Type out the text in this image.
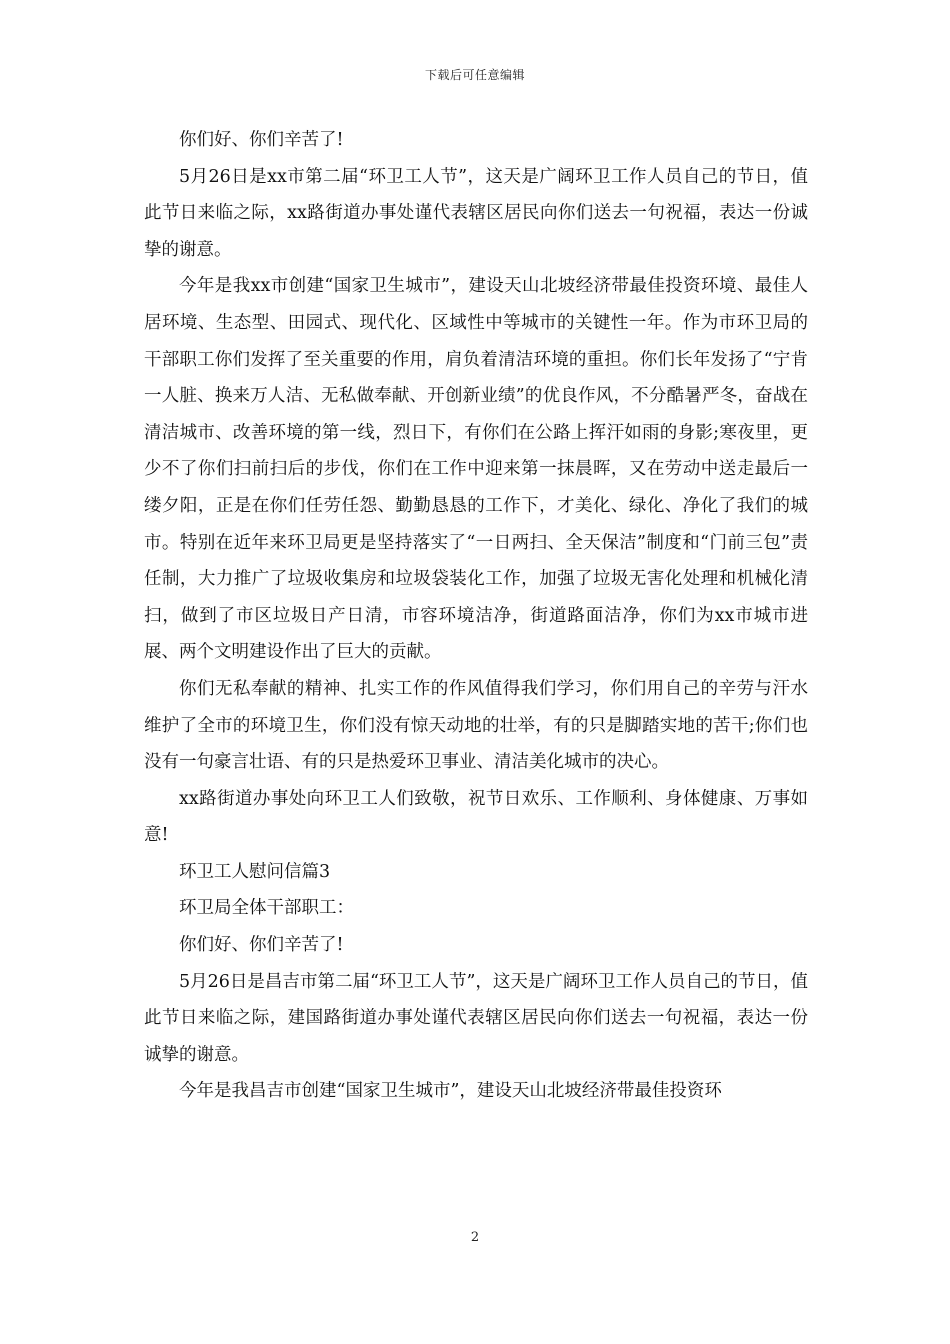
下载后可任意编辑

你们好、你们辛苦了!

5月26日是xx市第二届“环卫工人节”，这天是广阔环卫工作人员自己的节日，值此节日来临之际，xx路街道办事处谨代表辖区居民向你们送去一句祝福，表达一份诚挚的谢意。

今年是我xx市创建“国家卫生城市”，建设天山北坡经济带最佳投资环境、最佳人居环境、生态型、田园式、现代化、区域性中等城市的关键性一年。作为市环卫局的干部职工你们发挥了至关重要的作用，肩负着清洁环境的重担。你们长年发扬了“宁肯一人脏、换来万人洁、无私做奉献、开创新业绩”的优良作风，不分酷暑严冬，奋战在清洁城市、改善环境的第一线，烈日下，有你们在公路上挥汗如雨的身影;寒夜里，更少不了你们扫前扫后的步伐，你们在工作中迎来第一抹晨晖，又在劳动中送走最后一缕夕阳，正是在你们任劳任怨、勤勤恳恳的工作下，才美化、绿化、净化了我们的城市。特别在近年来环卫局更是坚持落实了“一日两扫、全天保洁”制度和“门前三包”责任制，大力推广了垃圾收集房和垃圾袋装化工作，加强了垃圾无害化处理和机械化清扫，做到了市区垃圾日产日清，市容环境洁净，街道路面洁净，你们为xx市城市进展、两个文明建设作出了巨大的贡献。

你们无私奉献的精神、扎实工作的作风值得我们学习，你们用自己的辛劳与汗水维护了全市的环境卫生，你们没有惊天动地的壮举，有的只是脚踏实地的苦干;你们也没有一句豪言壮语、有的只是热爱环卫事业、清洁美化城市的决心。

xx路街道办事处向环卫工人们致敬，祝节日欢乐、工作顺利、身体健康、万事如意!

环卫工人慰问信篇3

环卫局全体干部职工：

你们好、你们辛苦了!

5月26日是昌吉市第二届“环卫工人节”，这天是广阔环卫工作人员自己的节日，值此节日来临之际，建国路街道办事处谨代表辖区居民向你们送去一句祝福，表达一份诚挚的谢意。

今年是我昌吉市创建“国家卫生城市”，建设天山北坡经济带最佳投资环

2
